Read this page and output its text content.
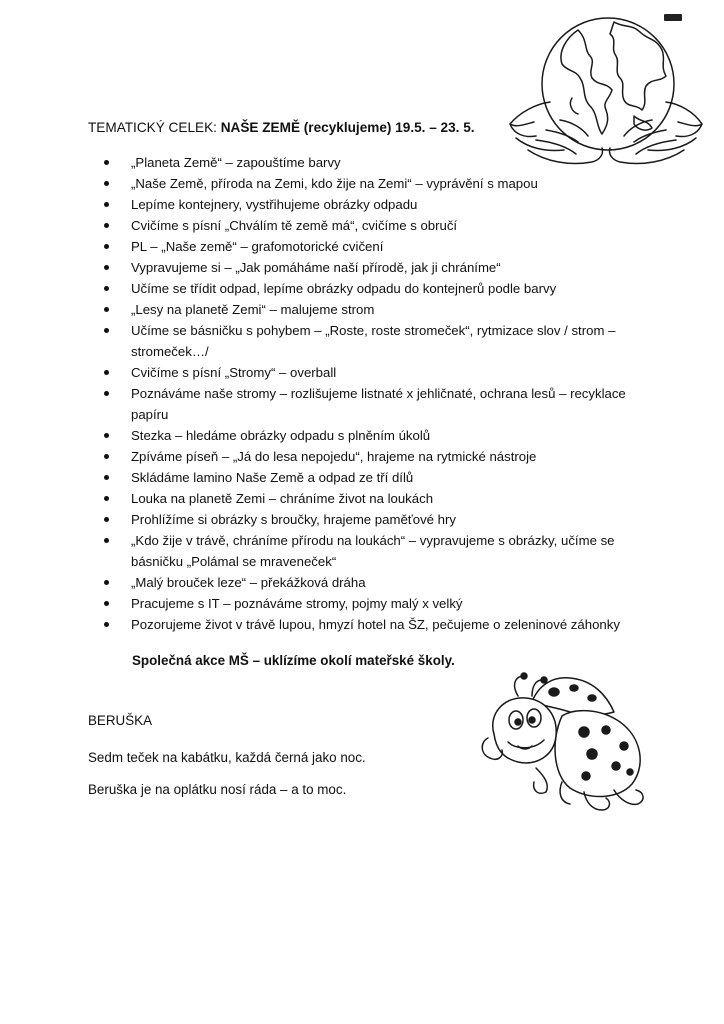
TEMATICKÝ CELEK: NAŠE ZEMĚ (recyklujeme) 19.5. – 23. 5.
„Planeta Země“ – zapouštíme barvy
„Naše Země, příroda na Zemi, kdo žije na Zemi“ – vyprávění s mapou
Lepíme kontejnery, vystřihujeme obrázky odpadu
Cvičíme s písní „Chválím tě země má“, cvičíme s obručí
PL – „Naše země“ – grafomotorické cvičení
Vypravujeme si – „Jak pomáháme naší přírodě, jak ji chráníme“
Učíme se třídit odpad, lepíme obrázky odpadu do kontejnerů podle barvy
„Lesy na planetě Zemi“ – malujeme strom
Učíme se básničku s pohybem – „Roste, roste stromeček“, rytmizace slov / strom – stromeček…/
Cvičíme s písní „Stromy“ – overball
Poznáváme naše stromy – rozlišujeme listnaté x jehličnaté, ochrana lesů – recyklace papíru
Stezka – hledáme obrázky odpadu s plněním úkolů
Zpíváme píseň – „Já do lesa nepojedu“, hrajeme na rytmické nástroje
Skládáme lamino Naše Země a odpad ze tří dílů
Louka na planetě Zemi – chráníme život na loukách
Prohlížíme si obrázky s broučky, hrajeme paměťové hry
„Kdo žije v trávě, chráníme přírodu na loukách“ – vypravujeme s obrázky, učíme se básničku „Polámal se mraveneček“
„Malý brouček leze“ – překážková dráha
Pracujeme s IT – poznáváme stromy, pojmy malý x velký
Pozorujeme život v trávě lupou, hmyzí hotel na ŠZ, pečujeme o zeleninové záhonky
Společná akce MŠ – uklízíme okolí mateřské školy.
BERUŠKA
Sedm teček na kabátku, každá černá jako noc.
Beruška je na oplátku nosí ráda – a to moc.
